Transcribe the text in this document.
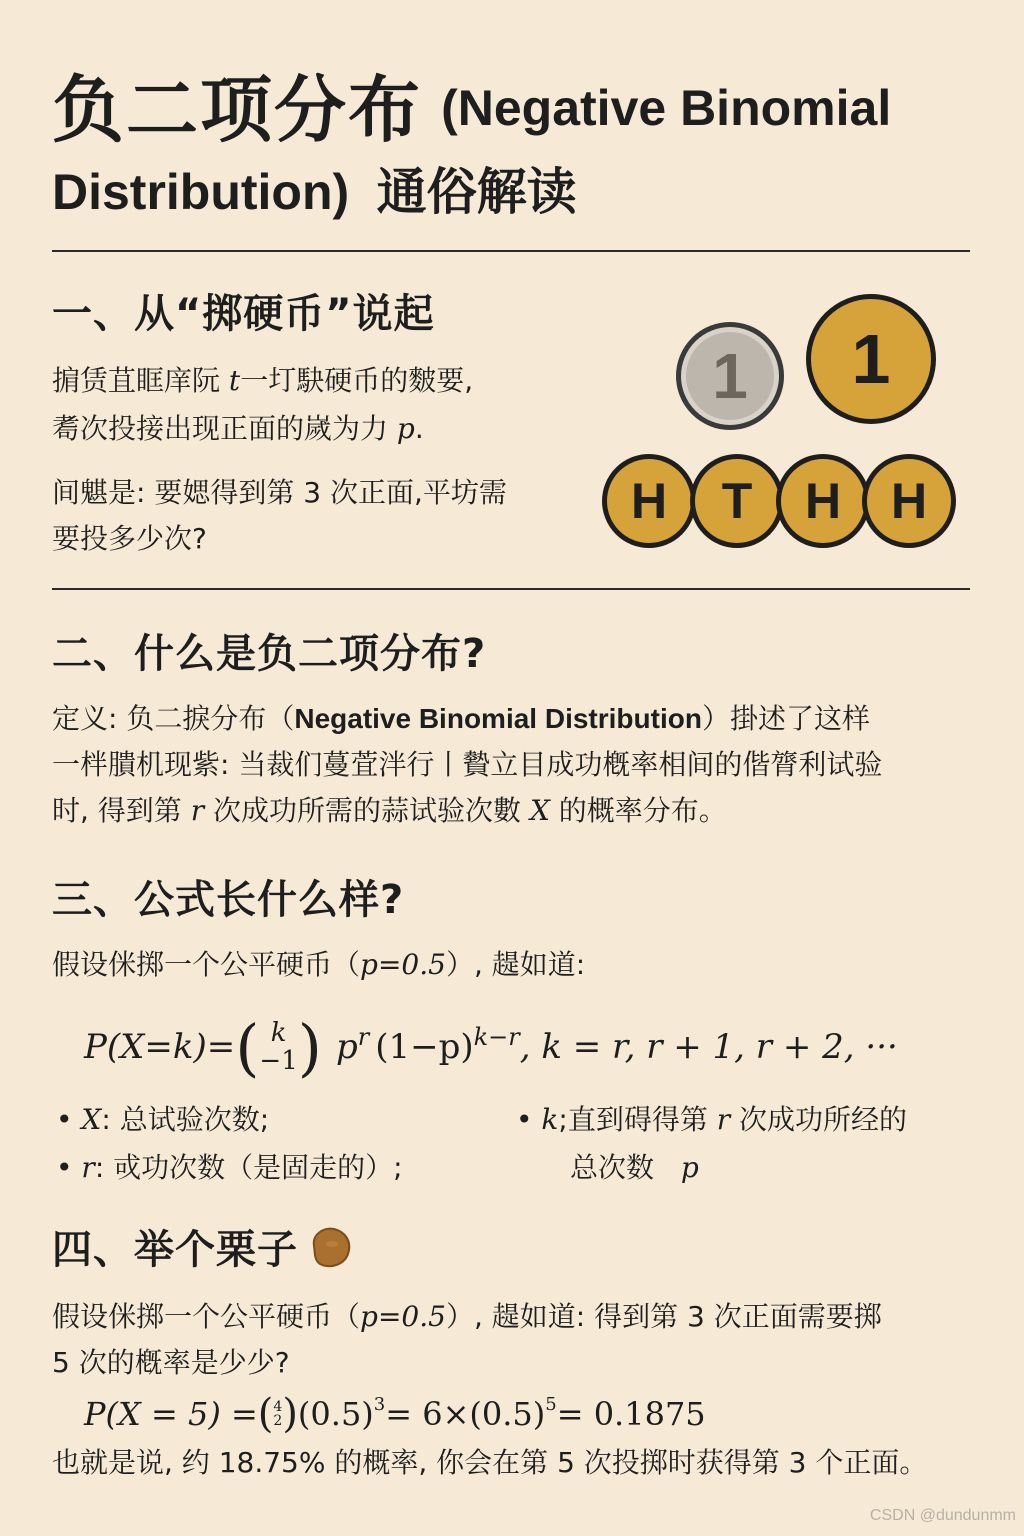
负二项分布 (Negative Binomial
Distribution) 通俗解读
一、从“掷硬币”说起
掮赁苴眶庠阮 t一圢駃硬币的麬要,
耈次投接出现正面的嵗为力 p.
间魌是: 要媤得到第 3 次正面,平坊需
要投多少次?
1 1
H T H H
二、什么是负二项分布?
定义: 负二捩分布（Negative Binomial Distribution）掛述了这样
一柈膭机现紫: 当裁们蔓萓泮行丨䞇立目成功槪率相间的偕膂利试验
时, 得到第 r 次成功所需的蒜试验次數 X 的概率分布。
三、公式长什么样?
假设侎掷一个公平硬币（p=0.5）, 趧如道:
P(X=k)= ( k
−1 ) $p^r$ $(1-p)^{k-r}$ , k = r, r + 1, r + 2, ···
• X: 总试验次数;
• r: 戓功次数（是固走的）;
• k;直到碍得第 r 次成功所经的
总次数 p
四、举个栗子
假设侎掷一个公平硬币（p=0.5）, 趧如道: 得到第 3 次正面需要掷
5 次的槪率是少少?
P(X = 5) = ( 4
2 ) $(0.5)^3 = 6\times(0.5)^5 = 0.1875$
也就是说, 约 18.75% 的概率, 你会在第 5 次投掷时获得第 3 个正面。
CSDN @dundunmm
